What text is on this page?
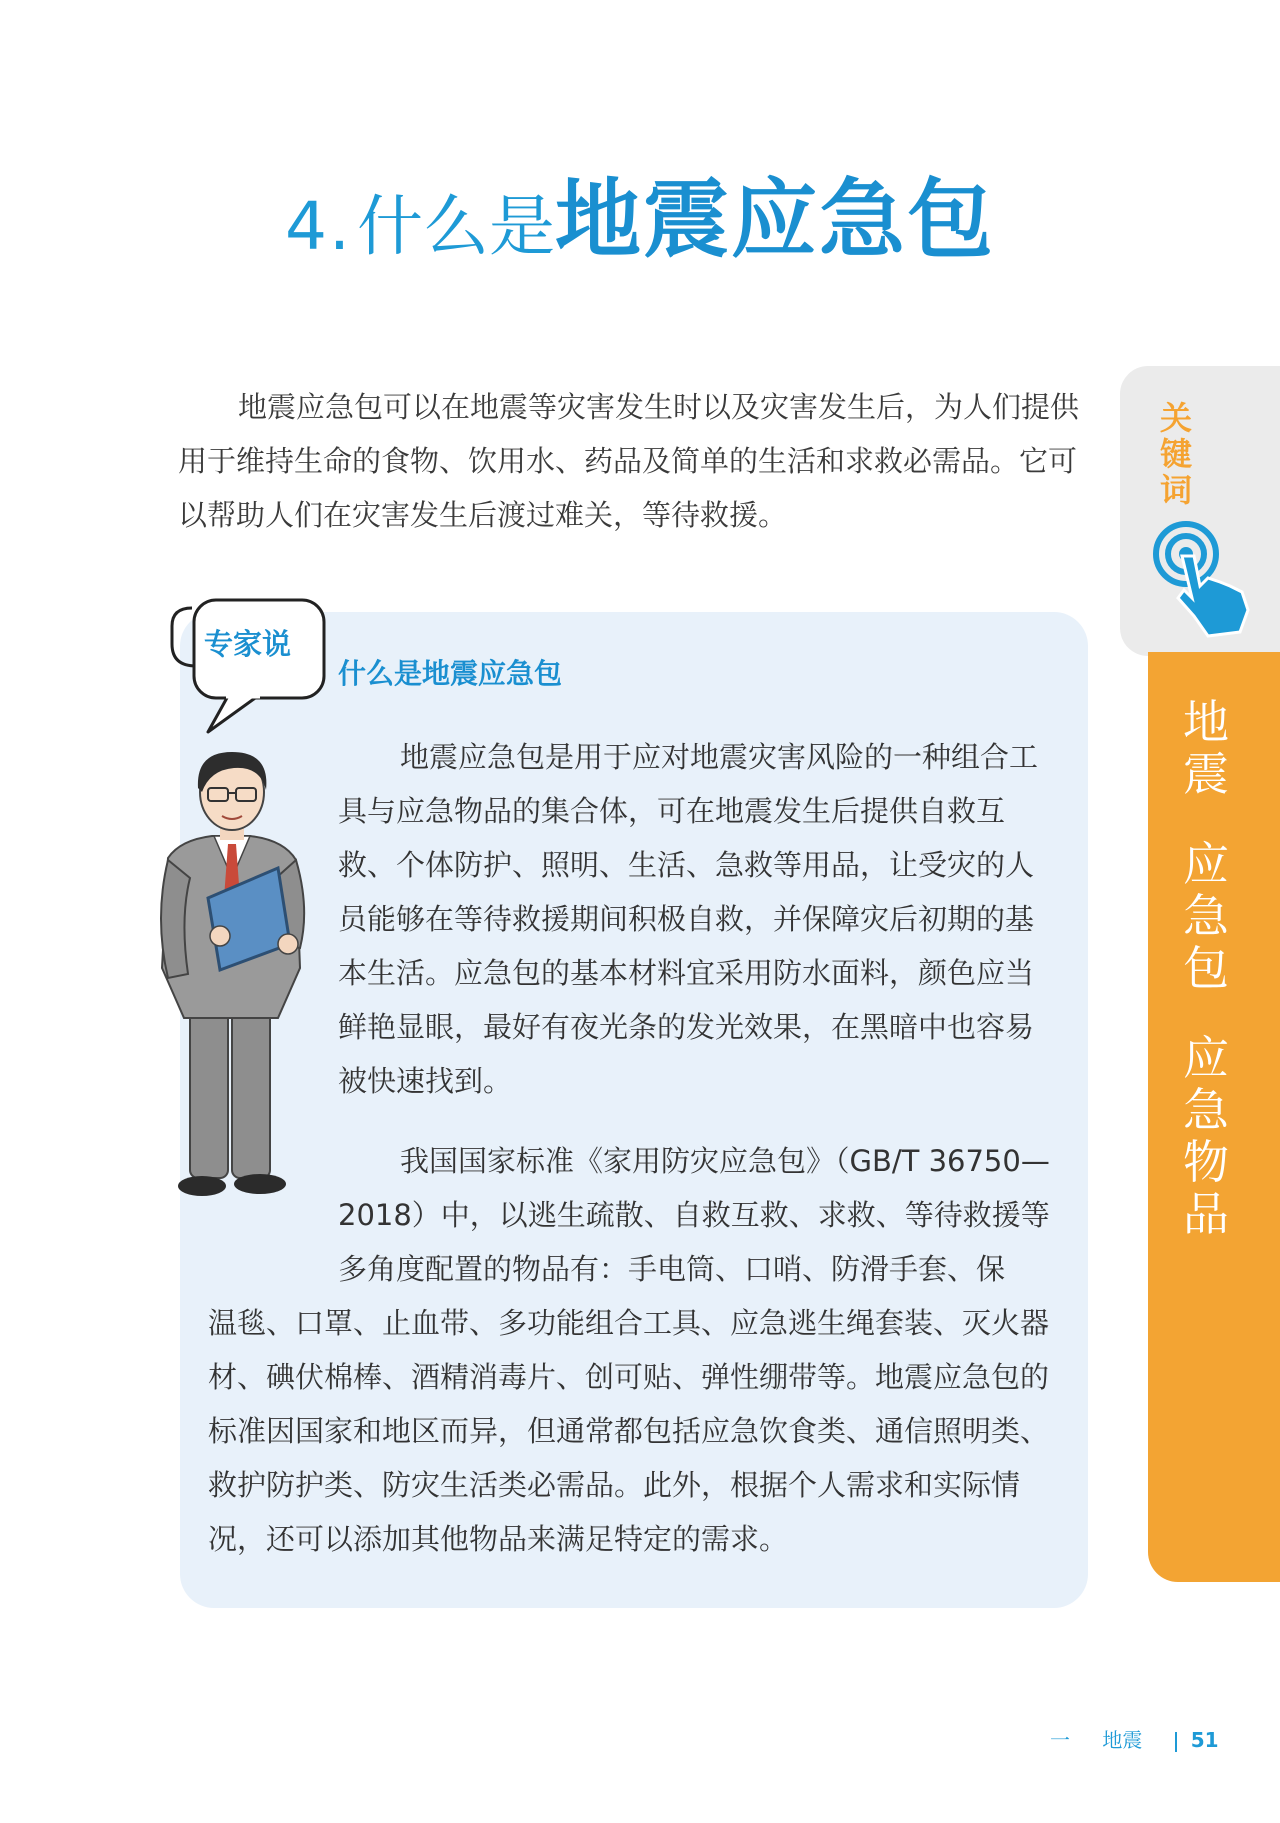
4. 什么是地震应急包

地震应急包可以在地震等灾害发生时以及灾害发生后，为人们提供用于维持生命的食物、饮用水、药品及简单的生活和求救必需品。它可以帮助人们在灾害发生后渡过难关，等待救援。

关
键
词
地震
应急包
应急物品
专家说
什么是地震应急包

地震应急包是用于应对地震灾害风险的一种组合工具与应急物品的集合体，可在地震发生后提供自救互救、个体防护、照明、生活、急救等用品，让受灾的人员能够在等待救援期间积极自救，并保障灾后初期的基本生活。应急包的基本材料宜采用防水面料，颜色应当鲜艳显眼，最好有夜光条的发光效果，在黑暗中也容易被快速找到。

我国国家标准《家用防灾应急包》（GB/T 36750—2018）中，以逃生疏散、自救互救、求救、等待救援等多角度配置的物品有：手电筒、口哨、防滑手套、保

温毯、口罩、止血带、多功能组合工具、应急逃生绳套装、灭火器材、碘伏棉棒、酒精消毒片、创可贴、弹性绷带等。地震应急包的标准因国家和地区而异，但通常都包括应急饮食类、通信照明类、救护防护类、防灾生活类必需品。此外，根据个人需求和实际情况，还可以添加其他物品来满足特定的需求。

一 地震 51
